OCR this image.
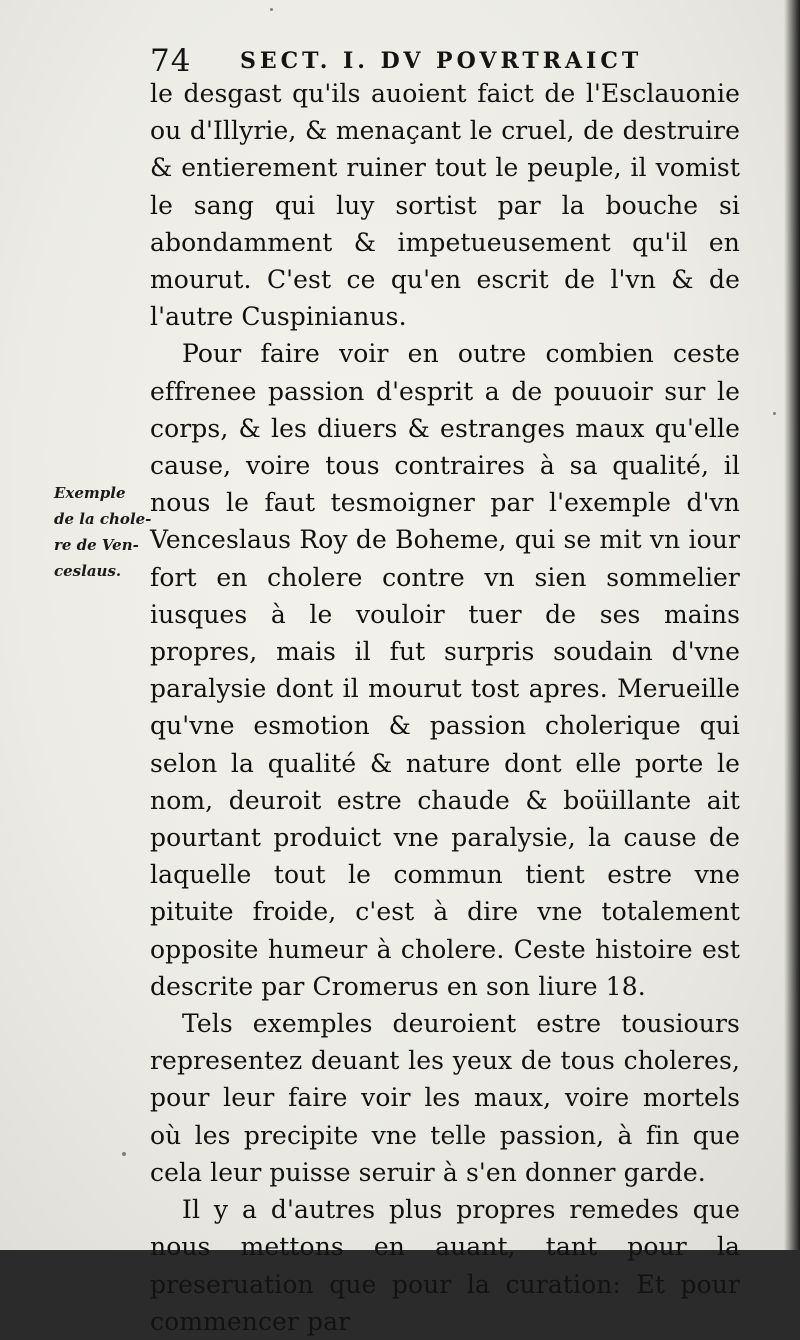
74 SECT. I. DV POVRTRAICT
Exemple
de la chole-
re de Ven-
ceslaus.

le desgast qu'ils auoient faict de l'Esclauonie ou d'Illyrie, & menaçant le cruel, de destruire & entierement ruiner tout le peuple, il vomist le sang qui luy sortist par la bouche si abondamment & impetueusement qu'il en mourut. C'est ce qu'en escrit de l'vn & de l'autre Cuspinianus.

Pour faire voir en outre combien ceste effrenee passion d'esprit a de pouuoir sur le corps, & les diuers & estranges maux qu'elle cause, voire tous contraires à sa qualité, il nous le faut tesmoigner par l'exemple d'vn Venceslaus Roy de Boheme, qui se mit vn iour fort en cholere contre vn sien sommelier iusques à le vouloir tuer de ses mains propres, mais il fut surpris soudain d'vne paralysie dont il mourut tost apres. Merueille qu'vne esmotion & passion cholerique qui selon la qualité & nature dont elle porte le nom, deuroit estre chaude & boüillante ait pourtant produict vne paralysie, la cause de laquelle tout le commun tient estre vne pituite froide, c'est à dire vne totalement opposite humeur à cholere. Ceste histoire est descrite par Cromerus en son liure 18.

Tels exemples deuroient estre tousiours representez deuant les yeux de tous choleres, pour leur faire voir les maux, voire mortels où les precipite vne telle passion, à fin que cela leur puisse seruir à s'en donner garde.

Il y a d'autres plus propres remedes que nous mettons en auant, tant pour la preseruation que pour la curation: Et pour commencer par
